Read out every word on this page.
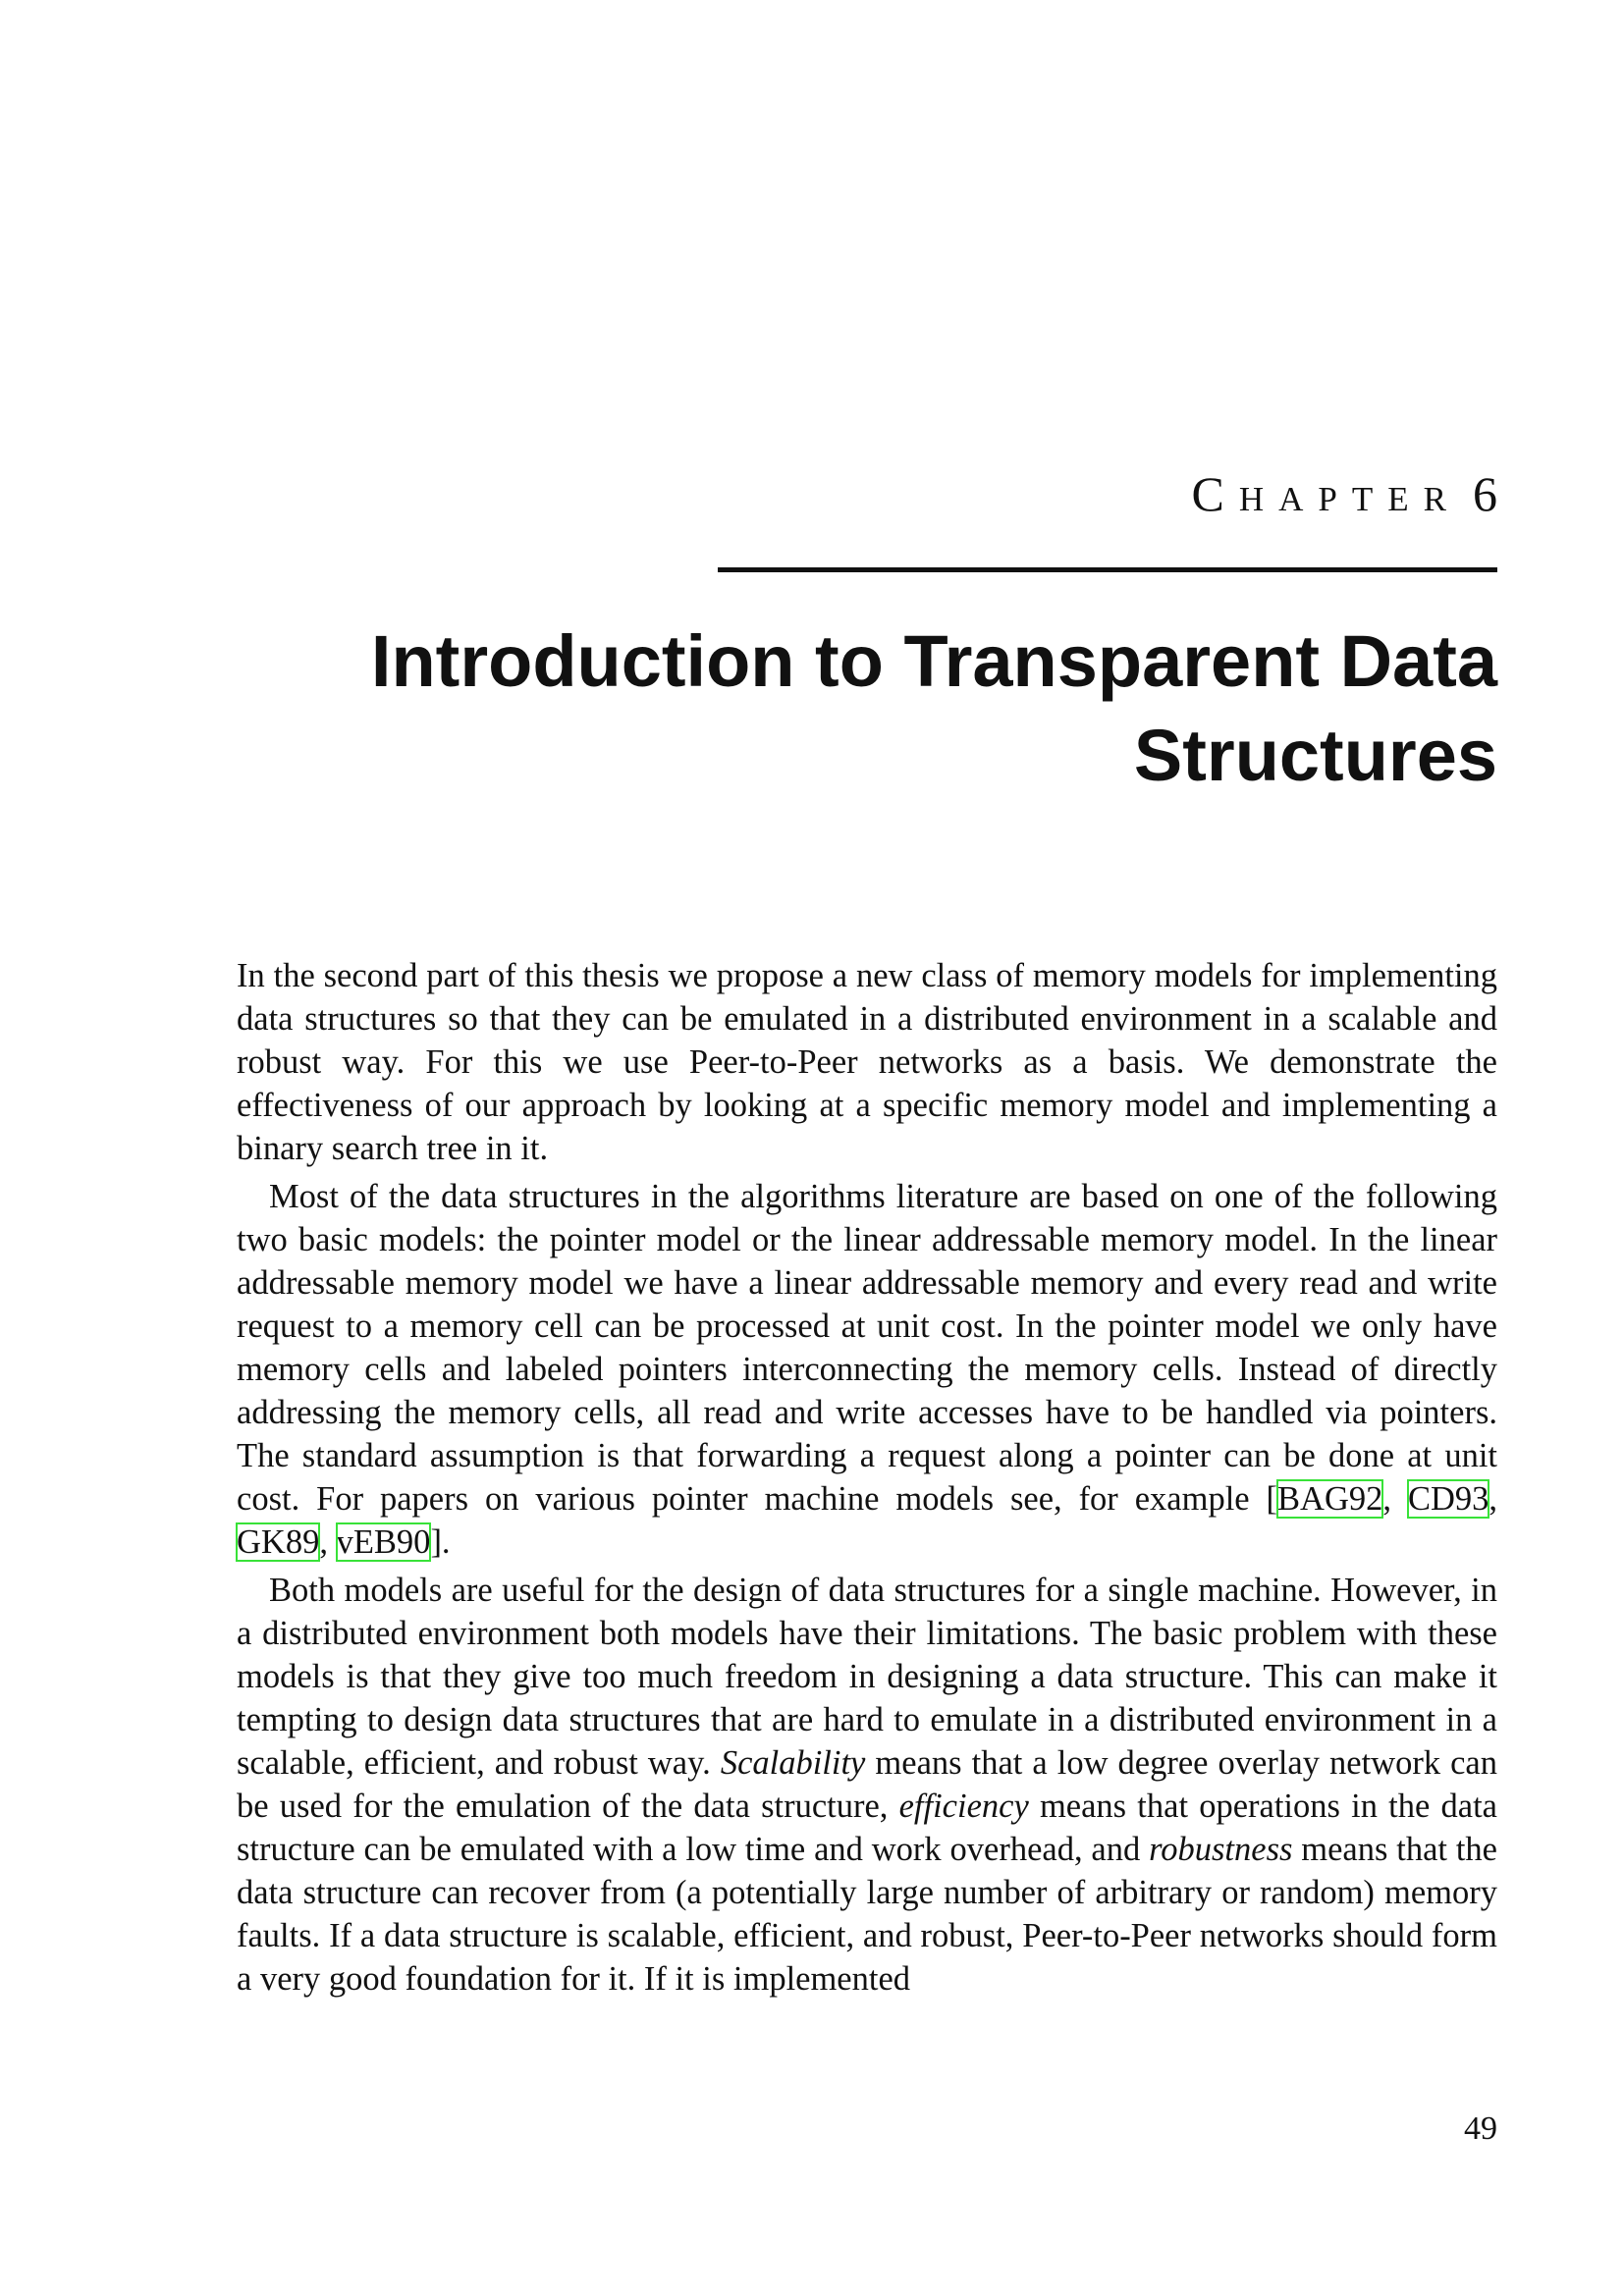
Chapter 6
Introduction to Transparent Data
Structures

In the second part of this thesis we propose a new class of memory models for implementing data structures so that they can be emulated in a distributed environment in a scalable and robust way. For this we use Peer-to-Peer networks as a basis. We demonstrate the effectiveness of our approach by looking at a specific memory model and implementing a binary search tree in it.

Most of the data structures in the algorithms literature are based on one of the following two basic models: the pointer model or the linear addressable memory model. In the linear addressable memory model we have a linear addressable memory and every read and write request to a memory cell can be processed at unit cost. In the pointer model we only have memory cells and labeled pointers interconnecting the memory cells. Instead of directly addressing the memory cells, all read and write accesses have to be handled via pointers. The standard assumption is that forwarding a request along a pointer can be done at unit cost. For papers on various pointer machine models see, for example [BAG92, CD93, GK89, vEB90].

Both models are useful for the design of data structures for a single machine. However, in a distributed environment both models have their limitations. The basic problem with these models is that they give too much freedom in designing a data structure. This can make it tempting to design data structures that are hard to emulate in a distributed environment in a scalable, efficient, and robust way. Scalability means that a low degree overlay network can be used for the emulation of the data structure, efficiency means that operations in the data structure can be emulated with a low time and work overhead, and robustness means that the data structure can recover from (a potentially large number of arbitrary or random) memory faults. If a data structure is scalable, efficient, and robust, Peer-to-Peer networks should form a very good foundation for it. If it is implemented

49
